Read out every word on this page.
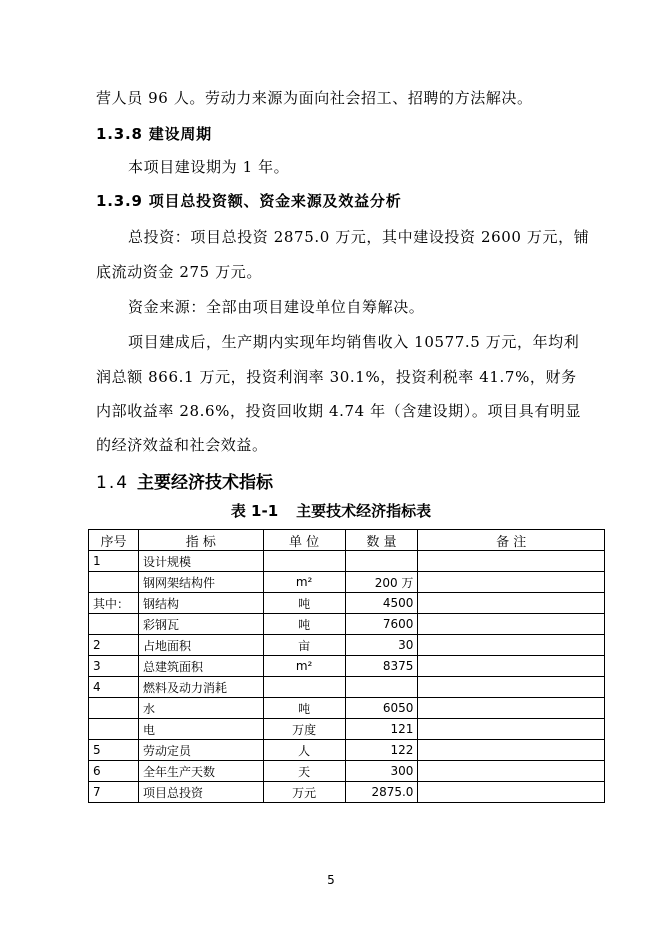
营人员 96 人。劳动力来源为面向社会招工、招聘的方法解决。
1.3.8 建设周期
本项目建设期为 1 年。
1.3.9 项目总投资额、资金来源及效益分析
总投资：项目总投资 2875.0 万元，其中建设投资 2600 万元，铺
底流动资金 275 万元。
资金来源：全部由项目建设单位自筹解决。
项目建成后，生产期内实现年均销售收入 10577.5 万元，年均利
润总额 866.1 万元，投资利润率 30.1%，投资利税率 41.7%，财务
内部收益率 28.6%，投资回收期 4.74 年（含建设期）。项目具有明显
的经济效益和社会效益。
1.4 主要经济技术指标
表 1-1 主要技术经济指标表
序号	指 标	单 位	数 量	备 注
1	设计规模			
	钢网架结构件	m²	200 万	
其中：	钢结构	吨	4500	
	彩钢瓦	吨	7600	
2	占地面积	亩	30	
3	总建筑面积	m²	8375	
4	燃料及动力消耗			
	水	吨	6050	
	电	万度	121	
5	劳动定员	人	122	
6	全年生产天数	天	300	
7	项目总投资	万元	2875.0	
5
